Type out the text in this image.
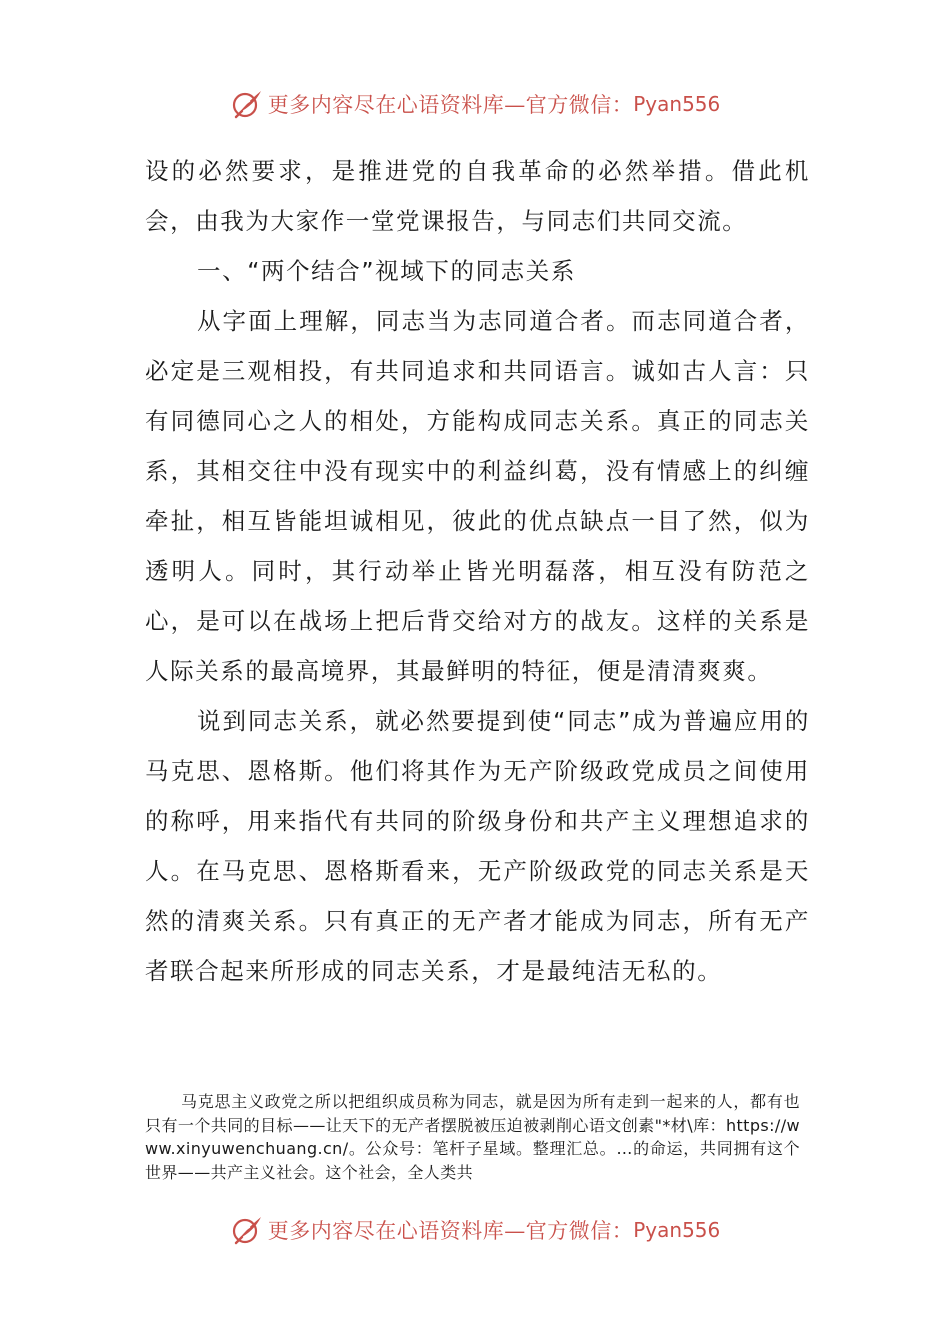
更多内容尽在心语资料库—官方微信： Pyan556

设的必然要求，是推进党的自我革命的必然举措。借此机会，由我为大家作一堂党课报告，与同志们共同交流。

一、“两个结合”视域下的同志关系

从字面上理解，同志当为志同道合者。而志同道合者，必定是三观相投，有共同追求和共同语言。诚如古人言：只有同德同心之人的相处，方能构成同志关系。真正的同志关系，其相交往中没有现实中的利益纠葛，没有情感上的纠缠牵扯，相互皆能坦诚相见，彼此的优点缺点一目了然，似为透明人。同时，其行动举止皆光明磊落，相互没有防范之心，是可以在战场上把后背交给对方的战友。这样的关系是人际关系的最高境界，其最鲜明的特征，便是清清爽爽。

说到同志关系，就必然要提到使“同志”成为普遍应用的马克思、恩格斯。他们将其作为无产阶级政党成员之间使用的称呼，用来指代有共同的阶级身份和共产主义理想追求的人。在马克思、恩格斯看来，无产阶级政党的同志关系是天然的清爽关系。只有真正的无产者才能成为同志，所有无产者联合起来所形成的同志关系，才是最纯洁无私的。

马克思主义政党之所以把组织成员称为同志，就是因为所有走到一起来的人，都有也只有一个共同的目标——让天下的无产者摆脱被压迫被剥削心语文创素"*材\库：https://www.xinyuwenchuang.cn/。公众号：笔杆子星域。整理汇总。…的命运，共同拥有这个世界——共产主义社会。这个社会，全人类共

更多内容尽在心语资料库—官方微信： Pyan556
